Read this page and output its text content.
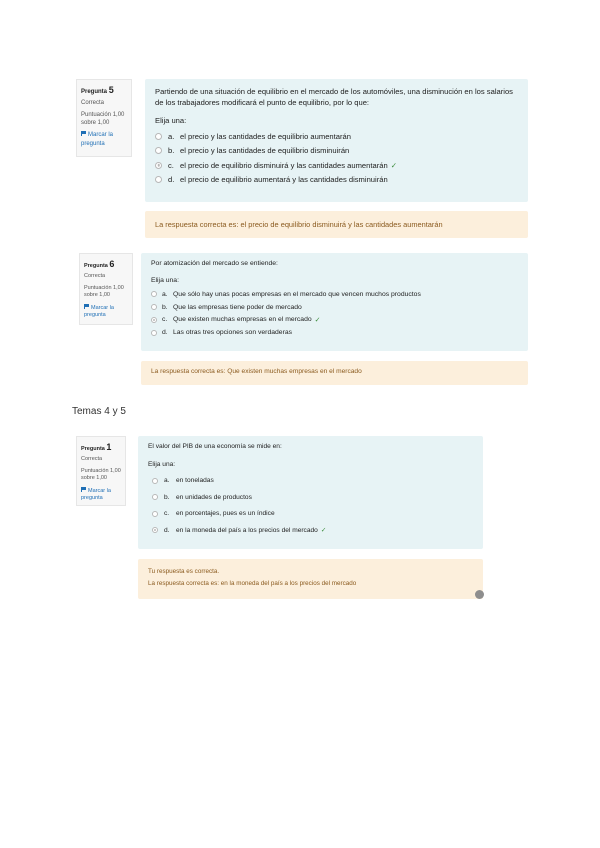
Pregunta 5
Correcta
Puntuación 1,00 sobre 1,00
Marcar la pregunta
Partiendo de una situación de equilibrio en el mercado de los automóviles, una disminución en los salarios de los trabajadores modificará el punto de equilibrio, por lo que:
Elija una:
a. el precio y las cantidades de equilibrio aumentarán
b. el precio y las cantidades de equilibrio disminuirán
c. el precio de equilibrio disminuirá y las cantidades aumentarán ✓
d. el precio de equilibrio aumentará y las cantidades disminuirán
La respuesta correcta es: el precio de equilibrio disminuirá y las cantidades aumentarán
Pregunta 6
Correcta
Puntuación 1,00 sobre 1,00
Marcar la pregunta
Por atomización del mercado se entiende:
Elija una:
a. Que sólo hay unas pocas empresas en el mercado que vencen muchos productos
b. Que las empresas tiene poder de mercado
c. Que existen muchas empresas en el mercado ✓
d. Las otras tres opciones son verdaderas
La respuesta correcta es: Que existen muchas empresas en el mercado
Temas 4 y 5
Pregunta 1
Correcta
Puntuación 1,00 sobre 1,00
Marcar la pregunta
El valor del PIB de una economía se mide en:
Elija una:
a. en toneladas
b. en unidades de productos
c.	en porcentajes, pues es un índice
d. en la moneda del país a los precios del mercado ✓
Tu respuesta es correcta.
La respuesta correcta es: en la moneda del país a los precios del mercado
